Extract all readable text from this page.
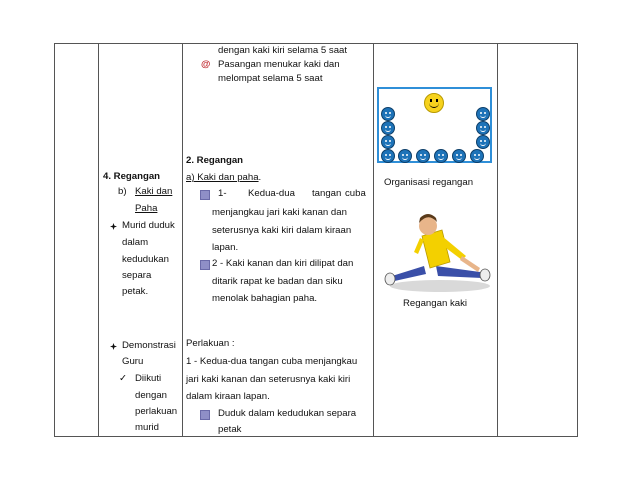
4. Regangan
b) Kaki dan
Paha
Murid duduk
dalam
kedudukan
separa
petak.
Demonstrasi
Guru
✓ Diikuti
dengan
perlakuan
murid
dengan kaki kiri selama 5 saat
@ Pasangan menukar kaki dan
melompat selama 5 saat
2. Regangan
a) Kaki dan paha.
1- Kedua-dua tangan cuba
menjangkau jari kaki kanan dan
seterusnya kaki kiri dalam kiraan
lapan.
2 - Kaki kanan dan kiri dilipat dan
ditarik rapat ke badan dan siku
menolak bahagian paha.
Perlakuan :
1 - Kedua-dua tangan cuba menjangkau
jari kaki kanan dan seterusnya kaki kiri
dalam kiraan lapan.
Duduk dalam kedudukan separa
petak
Organisasi regangan
Regangan kaki
